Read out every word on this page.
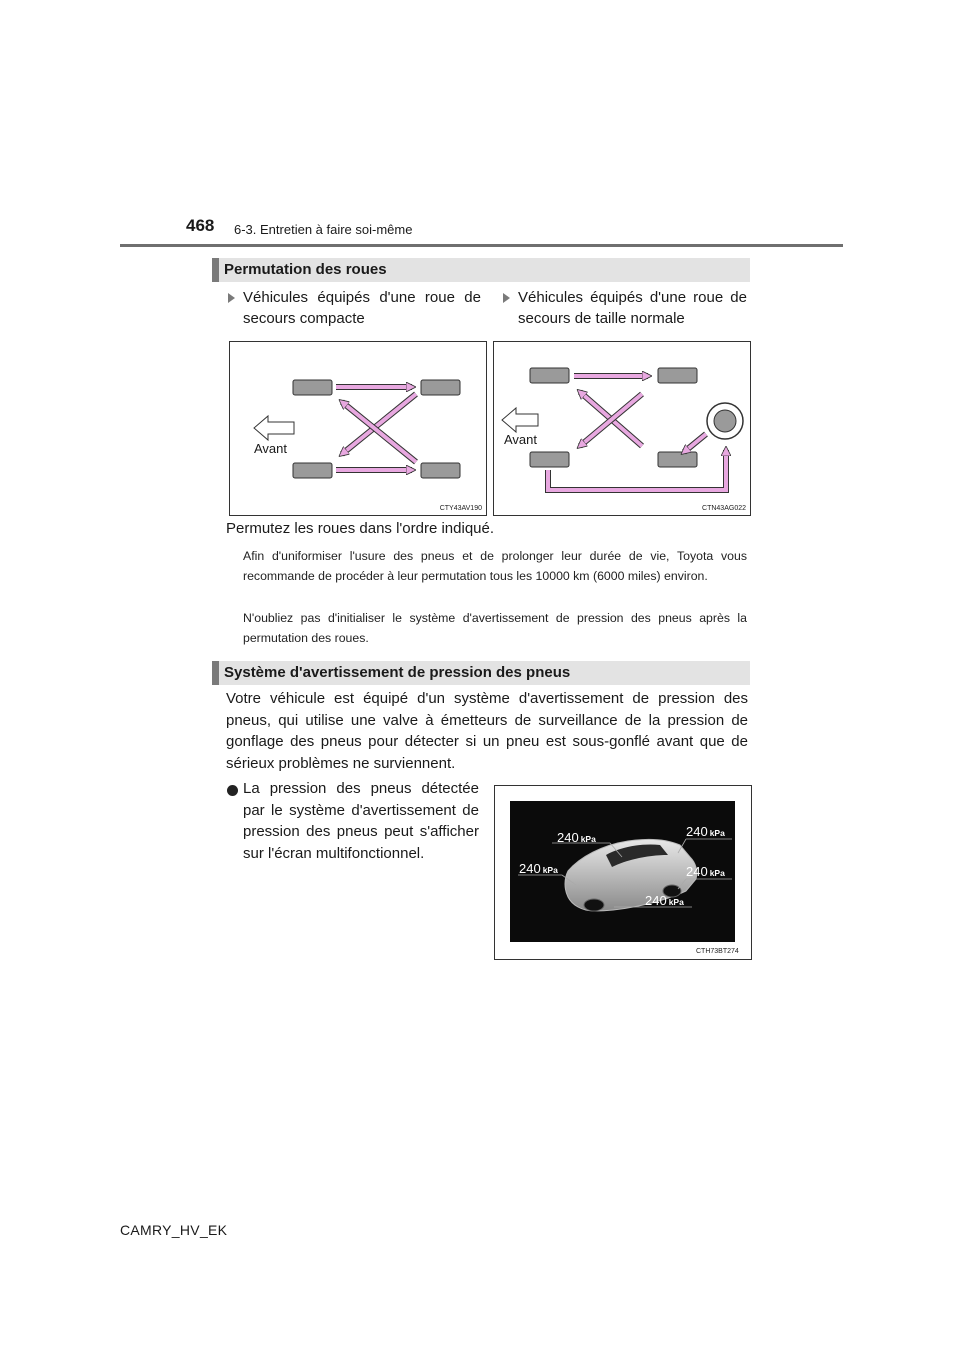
468 6-3. Entretien à faire soi-même
Permutation des roues
Véhicules équipés d'une roue de secours compacte
Véhicules équipés d'une roue de secours de taille normale
Avant
CTY43AV190
Avant
CTN43AG022
Permutez les roues dans l'ordre indiqué.
Afin d'uniformiser l'usure des pneus et de prolonger leur durée de vie, Toyota vous recommande de procéder à leur permutation tous les 10000 km (6000 miles) environ.
N'oubliez pas d'initialiser le système d'avertissement de pression des pneus après la permutation des roues.
Système d'avertissement de pression des pneus
Votre véhicule est équipé d'un système d'avertissement de pression des pneus, qui utilise une valve à émetteurs de surveillance de la pression de gonflage des pneus pour détecter si un pneu est sous-gonflé avant que de sérieux problèmes ne surviennent.
La pression des pneus détectée par le système d'avertissement de pression des pneus peut s'afficher sur l'écran multifonctionnel.
240 kPa	240 kPa
240 kPa	240 kPa
240 kPa
CTH73BT274
CAMRY_HV_EK
